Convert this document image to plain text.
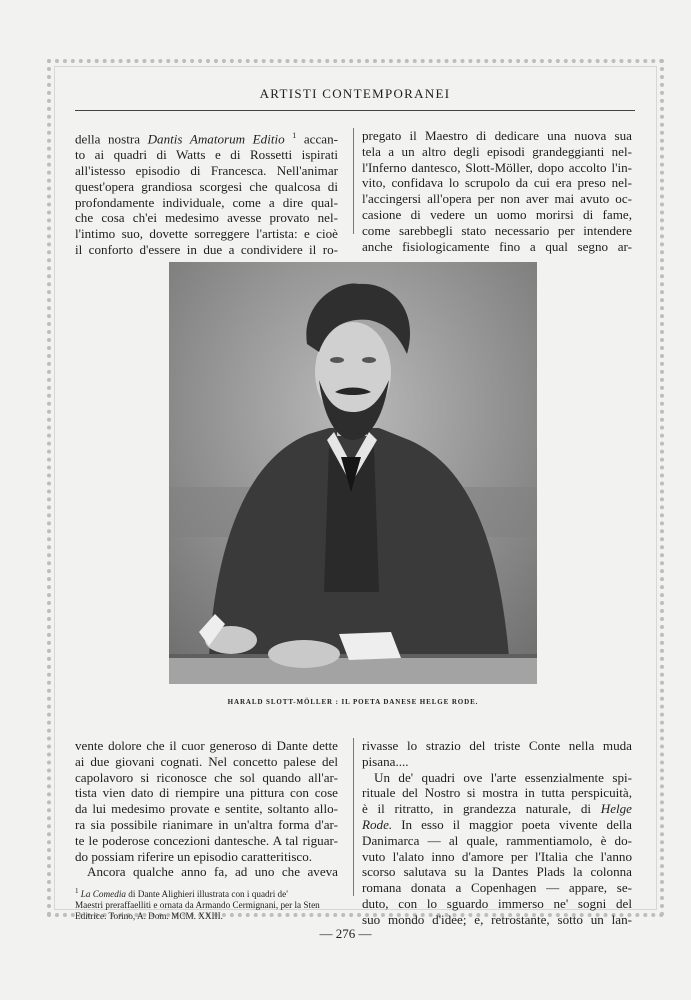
ARTISTI CONTEMPORANEI
della nostra Dantis Amatorum Editio $^1$ accan-
to ai quadri di Watts e di Rossetti ispirati
all'istesso episodio di Francesca. Nell'animar
quest'opera grandiosa scorgesi che qualcosa di
profondamente individuale, come a dire qual-
che cosa ch'ei medesimo avesse provato nel-
l'intimo suo, dovette sorreggere l'artista: e cioè
il conforto d'essere in due a condividere il ro-
pregato il Maestro di dedicare una nuova sua
tela a un altro degli episodi grandeggianti nel-
l'Inferno dantesco, Slott-Möller, dopo accolto l'in-
vito, confidava lo scrupolo da cui era preso nel-
l'accingersi all'opera per non aver mai avuto oc-
casione di vedere un uomo morirsi di fame,
come sarebbegli stato necessario per intendere
anche fisiologicamente fino a qual segno ar-
HARALD SLOTT-MÖLLER : IL POETA DANESE HELGE RODE.
vente dolore che il cuor generoso di Dante dette
ai due giovani cognati. Nel concetto palese del
capolavoro si riconosce che sol quando all'ar-
tista vien dato di riempire una pittura con cose
da lui medesimo provate e sentite, soltanto allo-
ra sia possibile rianimare in un'altra forma d'ar-
te le poderose concezioni dantesche. A tal riguar-
do possiam riferire un episodio caratteritisco.
Ancora qualche anno fa, ad uno che aveva
$^1$ La Comedia di Dante Alighieri illustrata con i quadri de'
Maestri preraffaelliti e ornata da Armando Cermignani, per la Sten
Editrice. Torino, A. Dom. MCM. XXIII.
rivasse lo strazio del triste Conte nella muda
pisana....
Un de' quadri ove l'arte essenzialmente spi-
rituale del Nostro si mostra in tutta perspicuità,
è il ritratto, in grandezza naturale, di Helge
Rode. In esso il maggior poeta vivente della
Danimarca — al quale, rammentiamolo, è do-
vuto l'alato inno d'amore per l'Italia che l'anno
scorso salutava su la Dantes Plads la colonna
romana donata a Copenhagen — appare, se-
duto, con lo sguardo immerso ne' sogni del
suo mondo d'idee; e, retrostante, sotto un lan-
— 276 —
